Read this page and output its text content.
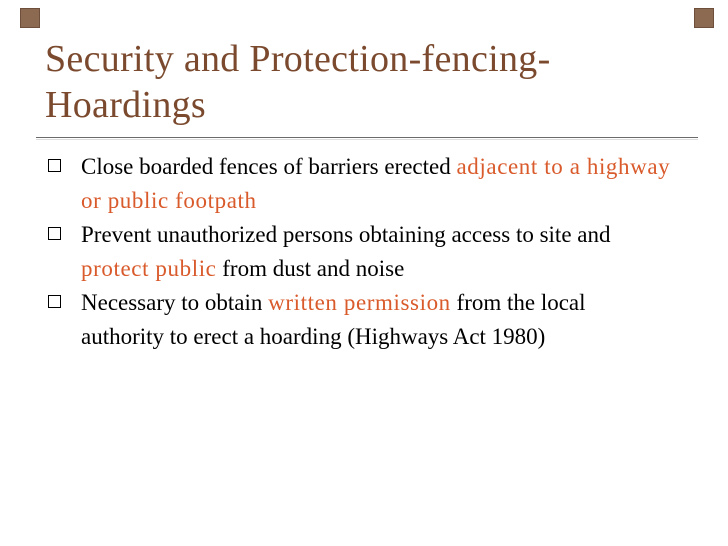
Security and Protection-fencing-Hoardings
Close boarded fences of barriers erected adjacent to a highway or public footpath
Prevent unauthorized persons obtaining access to site and protect public from dust and noise
Necessary to obtain written permission from the local authority to erect a hoarding (Highways Act 1980)
